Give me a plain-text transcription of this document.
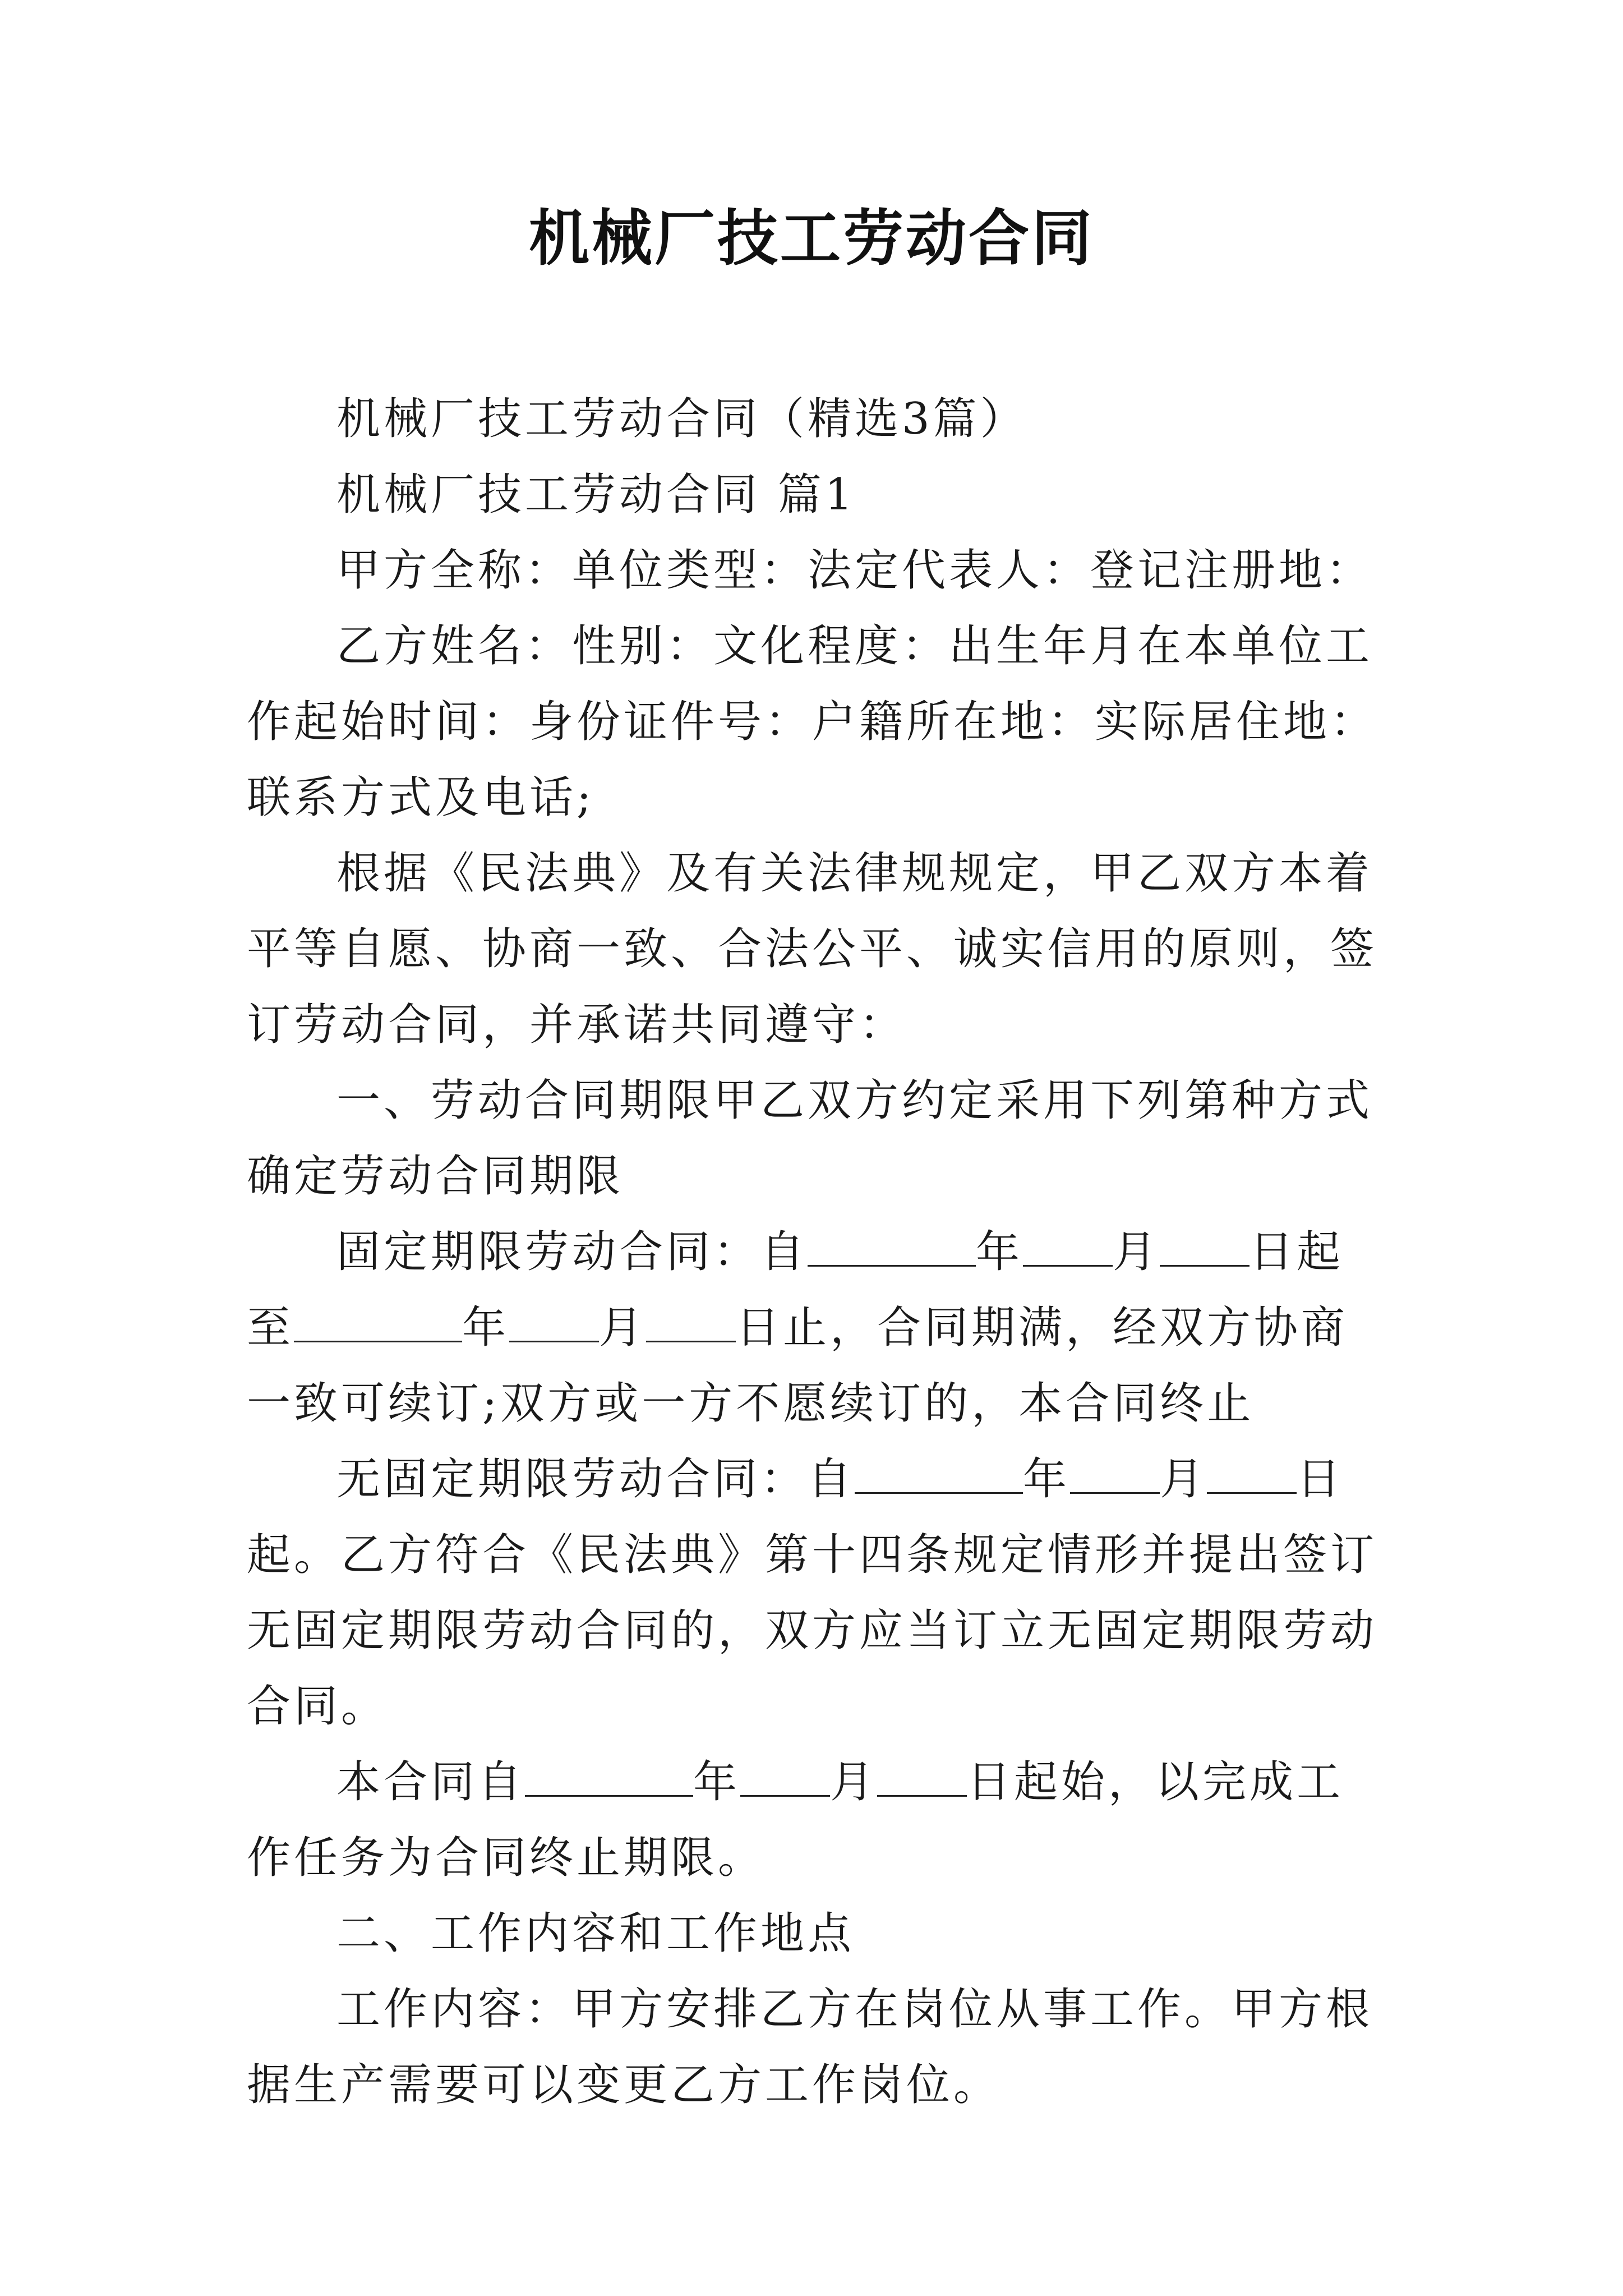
机械厂技工劳动合同

机械厂技工劳动合同（精选3篇）

机械厂技工劳动合同 篇1

甲方全称：单位类型：法定代表人：登记注册地：

乙方姓名：性别：文化程度：出生年月在本单位工作起始时间：身份证件号：户籍所在地：实际居住地：联系方式及电话;

根据《民法典》及有关法律规规定，甲乙双方本着平等自愿、协商一致、合法公平、诚实信用的原则，签订劳动合同，并承诺共同遵守：

一、劳动合同期限甲乙双方约定采用下列第种方式确定劳动合同期限

固定期限劳动合同：自	年 月 日起至	年 月 日止，合同期满，经双方协商一致可续订;双方或一方不愿续订的，本合同终止

无固定期限劳动合同：自	年 月 日起。乙方符合《民法典》第十四条规定情形并提出签订无固定期限劳动合同的，双方应当订立无固定期限劳动合同。

本合同自	年 月 日起始，以完成工作任务为合同终止期限。

二、工作内容和工作地点

工作内容：甲方安排乙方在岗位从事工作。甲方根据生产需要可以变更乙方工作岗位。
